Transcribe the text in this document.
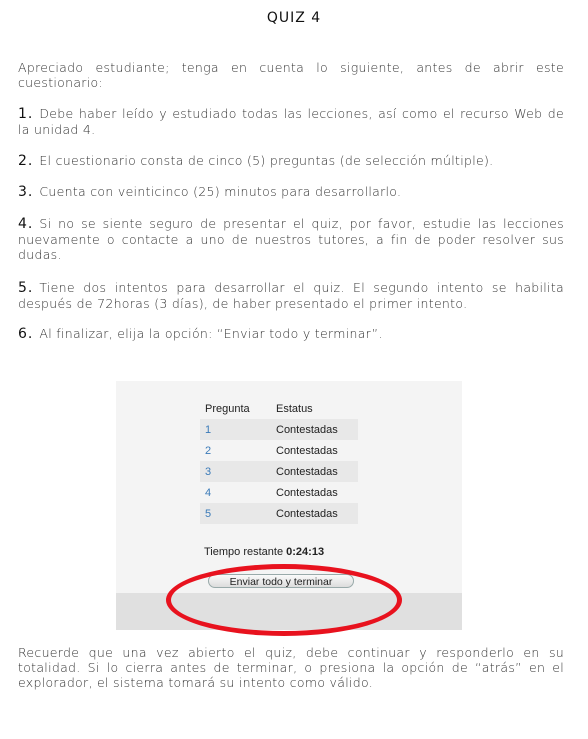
QUIZ 4
Apreciado estudiante; tenga en cuenta lo siguiente, antes de abrir este cuestionario:
1. Debe haber leído y estudiado todas las lecciones, así como el recurso Web de la unidad 4.
2. El cuestionario consta de cinco (5) preguntas (de selección múltiple).
3. Cuenta con veinticinco (25) minutos para desarrollarlo.
4. Si no se siente seguro de presentar el quiz, por favor, estudie las lecciones nuevamente o contacte a uno de nuestros tutores, a fin de poder resolver sus dudas.
5. Tiene dos intentos para desarrollar el quiz. El segundo intento se habilita después de 72horas (3 días), de haber presentado el primer intento.
6. Al finalizar, elija la opción: “Enviar todo y terminar”.
Pregunta	Estatus
1	Contestadas
2	Contestadas
3	Contestadas
4	Contestadas
5	Contestadas
Tiempo restante 0:24:13
Enviar todo y terminar
Recuerde que una vez abierto el quiz, debe continuar y responderlo en su totalidad. Si lo cierra antes de terminar, o presiona la opción de “atrás” en el explorador, el sistema tomará su intento como válido.
